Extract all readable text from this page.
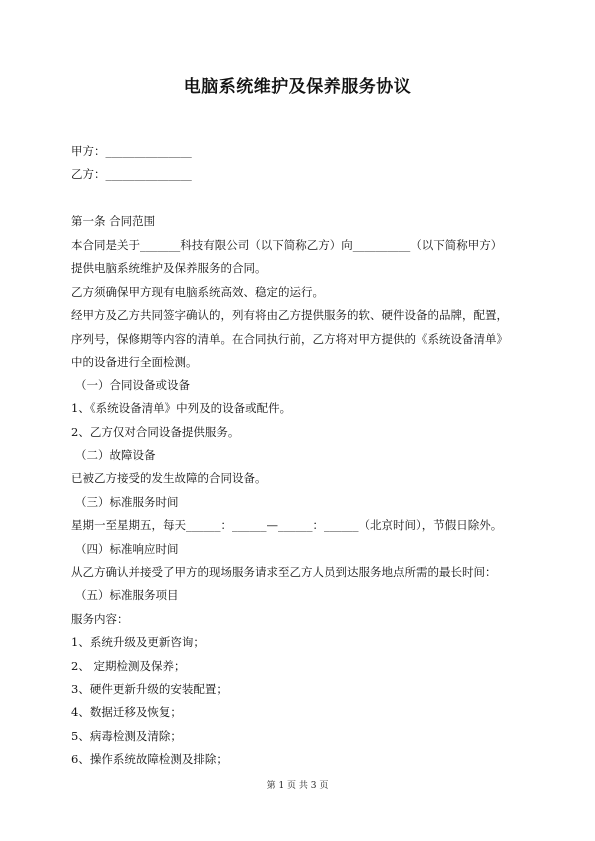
电脑系统维护及保养服务协议
甲方：_______________
乙方：_______________
第一条 合同范围
本合同是关于_______科技有限公司（以下简称乙方）向__________（以下简称甲方）
提供电脑系统维护及保养服务的合同。
乙方须确保甲方现有电脑系统高效、稳定的运行。
经甲方及乙方共同签字确认的，列有将由乙方提供服务的软、硬件设备的品牌，配置，
序列号，保修期等内容的清单。在合同执行前，乙方将对甲方提供的《系统设备清单》
中的设备进行全面检测。
（一）合同设备或设备
1、《系统设备清单》中列及的设备或配件。
2、乙方仅对合同设备提供服务。
（二）故障设备
已被乙方接受的发生故障的合同设备。
（三）标准服务时间
星期一至星期五，每天______：______—______：______（北京时间），节假日除外。
（四）标准响应时间
从乙方确认并接受了甲方的现场服务请求至乙方人员到达服务地点所需的最长时间：
（五）标准服务项目
服务内容：
1、系统升级及更新咨询；
2、 定期检测及保养；
3、硬件更新升级的安装配置；
4、数据迁移及恢复；
5、病毒检测及清除；
6、操作系统故障检测及排除；
第 1 页 共 3 页
